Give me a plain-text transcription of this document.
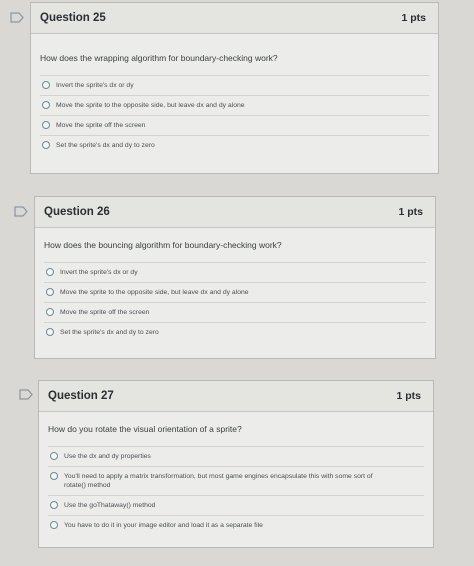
Question 25	1 pts
How does the wrapping algorithm for boundary-checking work?
Invert the sprite's dx or dy
Move the sprite to the opposite side, but leave dx and dy alone
Move the sprite off the screen
Set the sprite's dx and dy to zero
Question 26	1 pts
How does the bouncing algorithm for boundary-checking work?
Invert the sprite's dx or dy
Move the sprite to the opposite side, but leave dx and dy alone
Move the sprite off the screen
Set the sprite's dx and dy to zero
Question 27	1 pts
How do you rotate the visual orientation of a sprite?
Use the dx and dy properties
You'll need to apply a matrix transformation, but most game engines encapsulate this with some sort of rotate() method
Use the goThataway() method
You have to do it in your image editor and load it as a separate file
